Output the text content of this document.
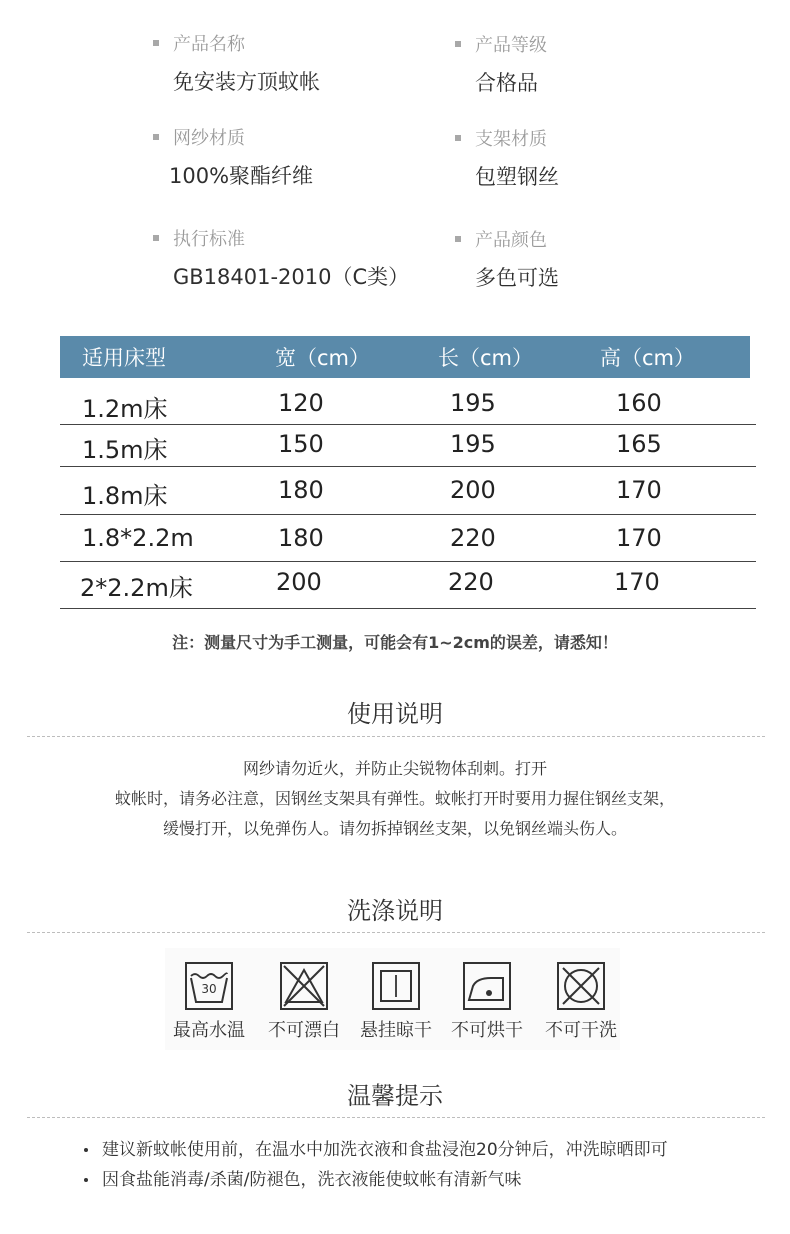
产品名称
免安装方顶蚊帐
产品等级
合格品
网纱材质
100%聚酯纤维
支架材质
包塑钢丝
执行标准
GB18401-2010（C类）
产品颜色
多色可选
适用床型	宽（cm）	长（cm）	高（cm）
1.2m床	120	195	160
1.5m床	150	195	165
1.8m床	180	200	170
1.8*2.2m	180	220	170
2*2.2m床	200	220	170
注：测量尺寸为手工测量，可能会有1~2cm的误差，请悉知！
使用说明
网纱请勿近火，并防止尖锐物体刮刺。打开
蚊帐时，请务必注意，因钢丝支架具有弹性。蚊帐打开时要用力握住钢丝支架，
缓慢打开，以免弹伤人。请勿拆掉钢丝支架，以免钢丝端头伤人。
洗涤说明
30
最高水温	不可漂白	悬挂晾干	不可烘干	不可干洗
温馨提示
建议新蚊帐使用前，在温水中加洗衣液和食盐浸泡20分钟后，冲洗晾晒即可
因食盐能消毒/杀菌/防褪色，洗衣液能使蚊帐有清新气味
